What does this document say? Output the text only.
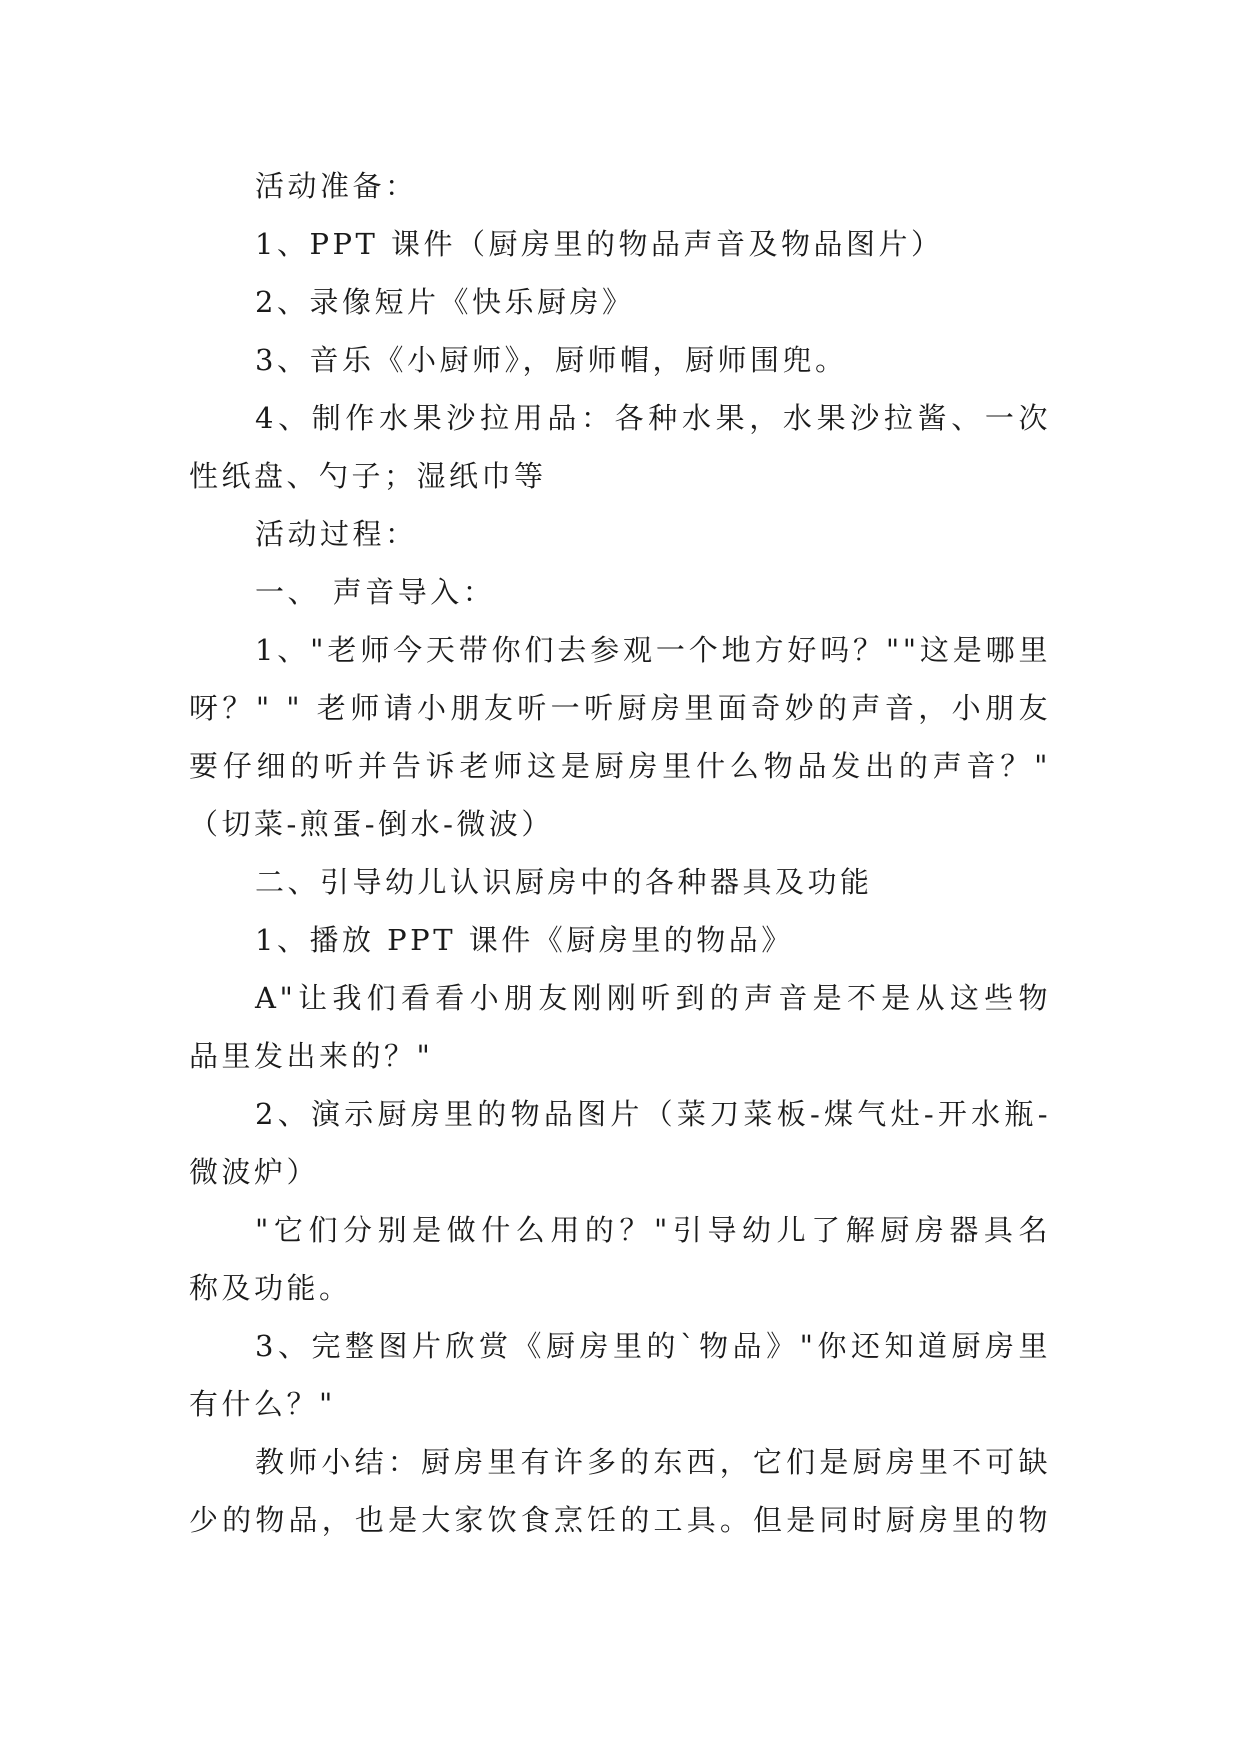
活动准备：
1、PPT 课件（厨房里的物品声音及物品图片）
2、录像短片《快乐厨房》
3、音乐《小厨师》，厨师帽，厨师围兜。
4、制作水果沙拉用品：各种水果，水果沙拉酱、一次
性纸盘、勺子；湿纸巾等
活动过程：
一、 声音导入：
1、"老师今天带你们去参观一个地方好吗？""这是哪里
呀？" " 老师请小朋友听一听厨房里面奇妙的声音，小朋友
要仔细的听并告诉老师这是厨房里什么物品发出的声音？"
（切菜-煎蛋-倒水-微波）
二、引导幼儿认识厨房中的各种器具及功能
1、播放 PPT 课件《厨房里的物品》
A"让我们看看小朋友刚刚听到的声音是不是从这些物
品里发出来的？"
2、演示厨房里的物品图片（菜刀菜板-煤气灶-开水瓶-
微波炉）
"它们分别是做什么用的？"引导幼儿了解厨房器具名
称及功能。
3、完整图片欣赏《厨房里的`物品》"你还知道厨房里
有什么？"
教师小结：厨房里有许多的东西，它们是厨房里不可缺
少的物品，也是大家饮食烹饪的工具。但是同时厨房里的物
